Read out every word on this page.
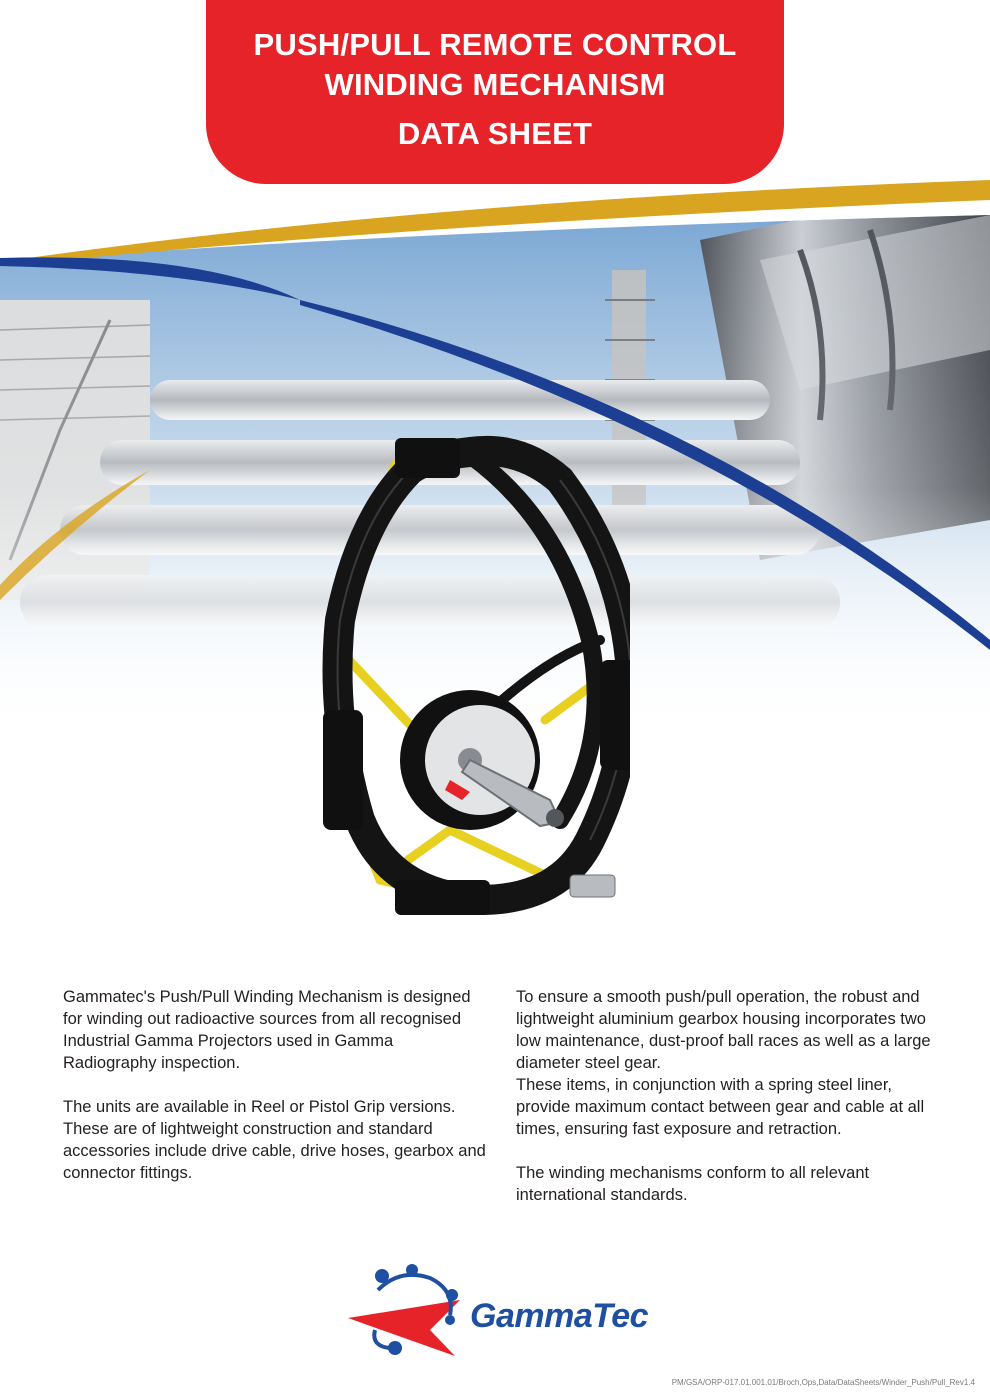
PUSH/PULL REMOTE CONTROL
WINDING MECHANISM
DATA SHEET

Gammatec's Push/Pull Winding Mechanism is designed for winding out radioactive sources from all recognised Industrial Gamma Projectors used in Gamma Radiography inspection.

The units are available in Reel or Pistol Grip versions. These are of lightweight construction and standard accessories include drive cable, drive hoses, gearbox and connector fittings.

To ensure a smooth push/pull operation, the robust and lightweight aluminium gearbox housing incorporates two low maintenance, dust-proof ball races as well as a large diameter steel gear.

These items, in conjunction with a spring steel liner, provide maximum contact between gear and cable at all times, ensuring fast exposure and retraction.

The winding mechanisms conform to all relevant international standards.

GammaTec
PM/GSA/ORP-017.01.001.01/Broch,Ops,Data/DataSheets/Winder_Push/Pull_Rev1.4
